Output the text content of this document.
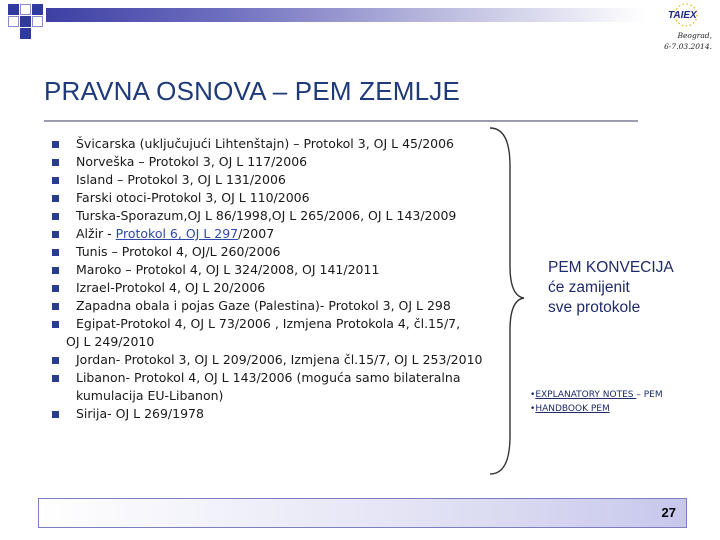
TAIEX
Beograd,
6-7.03.2014.
PRAVNA OSNOVA – PEM ZEMLJE
Švicarska (uključujući Lihtenštajn) – Protokol 3, OJ L 45/2006
Norveška – Protokol 3, OJ L 117/2006
Island – Protokol 3, OJ L 131/2006
Farski otoci-Protokol 3, OJ L 110/2006
Turska-Sporazum,OJ L 86/1998,OJ L 265/2006, OJ L 143/2009
Alžir - Protokol 6, OJ L 297/2007
Tunis – Protokol 4, OJ/L 260/2006
Maroko – Protokol 4, OJ L 324/2008, OJ 141/2011
Izrael-Protokol 4, OJ L 20/2006
Zapadna obala i pojas Gaze (Palestina)- Protokol 3, OJ L 298
Egipat-Protokol 4, OJ L 73/2006 , Izmjena Protokola 4, čl.15/7,
OJ L 249/2010
Jordan- Protokol 3, OJ L 209/2006, Izmjena čl.15/7, OJ L 253/2010
Libanon- Protokol 4, OJ L 143/2006 (moguća samo bilateralna kumulacija EU-Libanon)
Sirija- OJ L 269/1978
PEM KONVECIJA
će zamijenit
sve protokole
•EXPLANATORY NOTES – PEM
•HANDBOOK PEM
27
